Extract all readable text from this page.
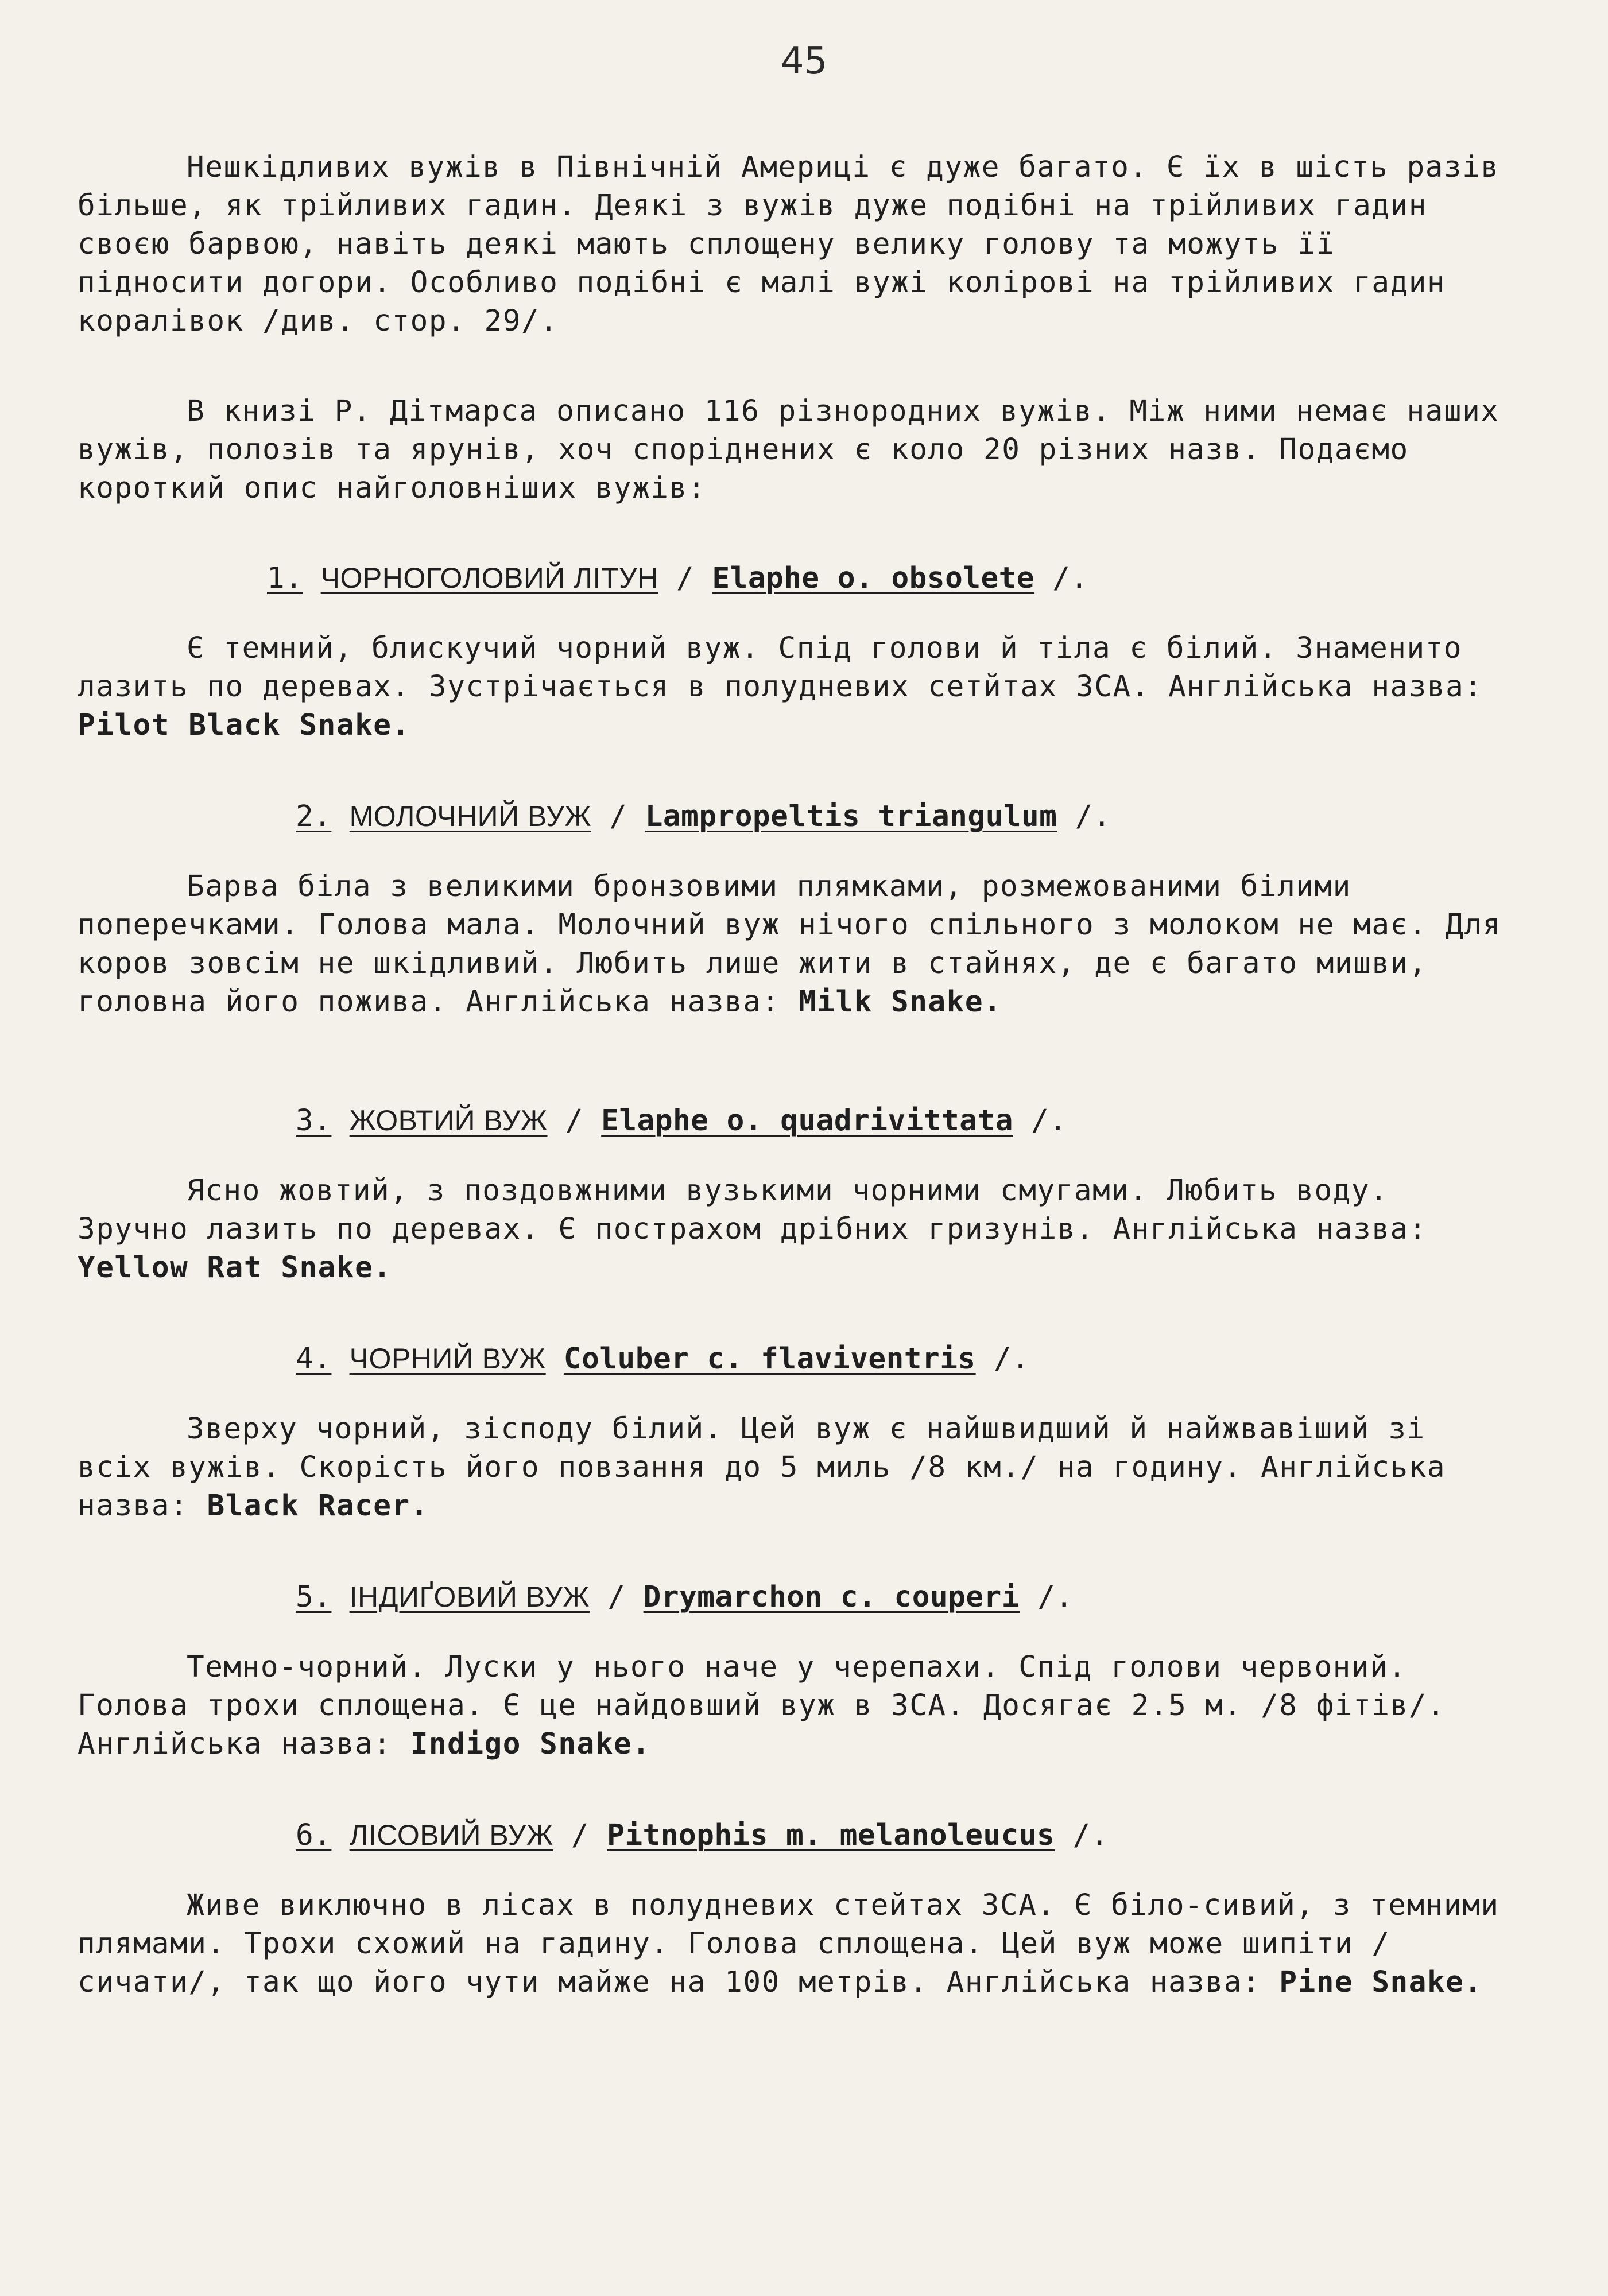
45

Нешкідливих вужів в Північній Америці є дуже багато. Є їх в шість разів більше, як трійливих гадин. Деякі з вужів дуже подібні на трійливих гадин своєю барвою, навіть деякі мають сплощену велику голову та можуть її підносити догори. Особливо подібні є малі вужі колірові на трійливих гадин коралівок /див. стор. 29/.

В книзі Р. Дітмарса описано 116 різнородних вужів. Між ними немає наших вужів, полозів та ярунів, хоч споріднених є коло 20 різних назв. Подаємо короткий опис найголовніших вужів:

1. ЧОРНОГОЛОВИЙ ЛІТУН / Elaphe o. obsolete /.

Є темний, блискучий чорний вуж. Спід голови й тіла є білий. Знаменито лазить по деревах. Зустрічається в полудневих сетйтах ЗСА. Англійська назва: Pilot Black Snake.

2. МОЛОЧНИЙ ВУЖ / Lampropeltis triangulum /.

Барва біла з великими бронзовими плямками, розмежованими білими поперечками. Голова мала. Молочний вуж нічого спільного з молоком не має. Для коров зовсім не шкідливий. Любить лише жити в стайнях, де є багато мишви, головна його пожива. Англійська назва: Milk Snake.

3. ЖОВТИЙ ВУЖ / Elaphe o. quadrivittata /.

Ясно жовтий, з поздовжними вузькими чорними смугами. Любить воду. Зручно лазить по деревах. Є пострахом дрібних гризунів. Англійська назва: Yellow Rat Snake.

4. ЧОРНИЙ ВУЖ Coluber c. flaviventris /.

Зверху чорний, зісподу білий. Цей вуж є найшвидший й найжвавіший зі всіх вужів. Скорість його повзання до 5 миль /8 км./ на годину. Англійська назва: Black Racer.

5. ІНДИҐОВИЙ ВУЖ / Drymarchon c. couperi /.

Темно-чорний. Луски у нього наче у черепахи. Спід голови червоний. Голова трохи сплощена. Є це найдовший вуж в ЗСА. Досягає 2.5 м. /8 фітів/. Англійська назва: Indigo Snake.

6. ЛІСОВИЙ ВУЖ / Pitnophis m. melanoleucus /.

Живе виключно в лісах в полудневих стейтах ЗСА. Є біло-сивий, з темними плямами. Трохи схожий на гадину. Голова сплощена. Цей вуж може шипіти /сичати/, так що його чути майже на 100 метрів. Англійська назва: Pine Snake.
